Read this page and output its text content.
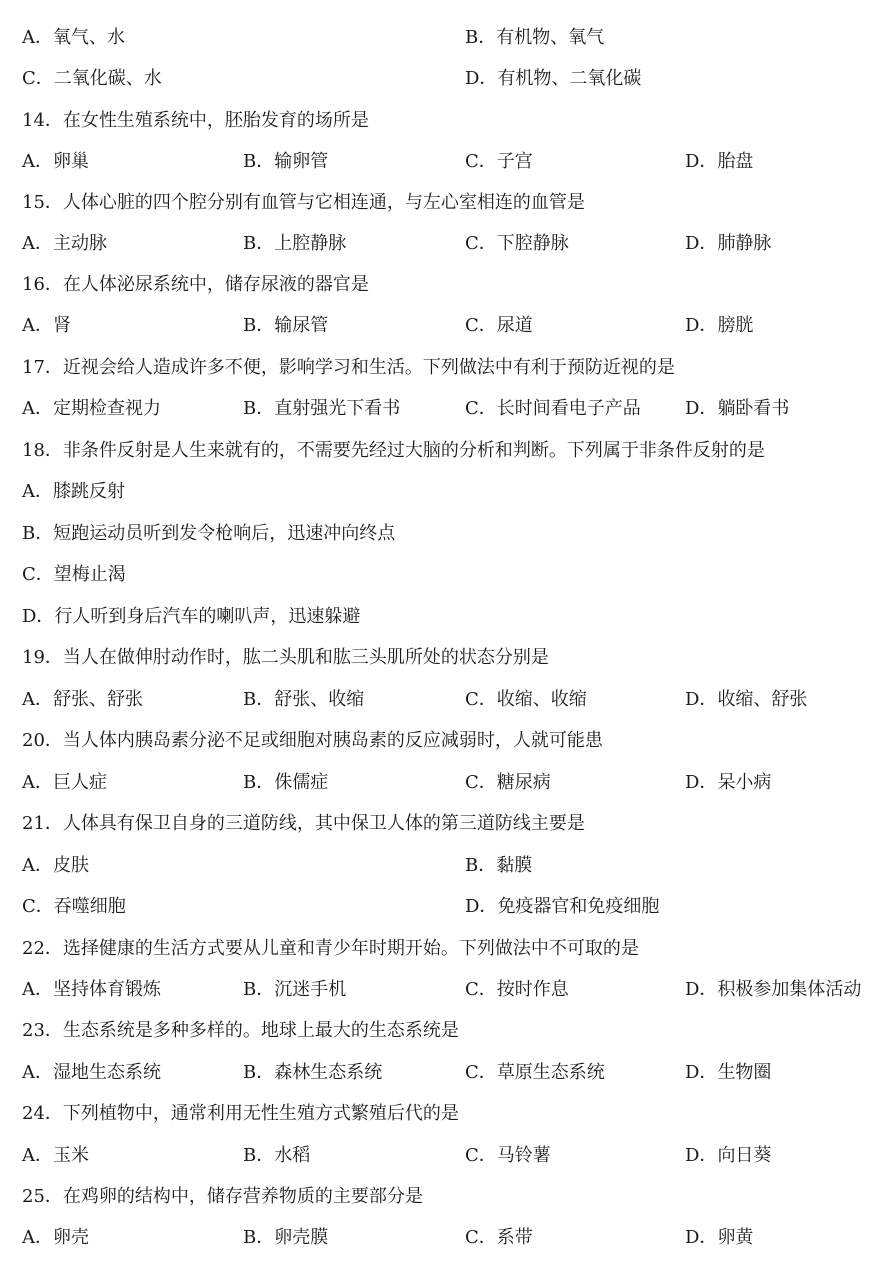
A．氧气、水	B．有机物、氧气
C．二氧化碳、水	D．有机物、二氧化碳
14．在女性生殖系统中，胚胎发育的场所是
A．卵巢	B．输卵管	C．子宫	D．胎盘
15．人体心脏的四个腔分别有血管与它相连通，与左心室相连的血管是
A．主动脉	B．上腔静脉	C．下腔静脉	D．肺静脉
16．在人体泌尿系统中，储存尿液的器官是
A．肾	B．输尿管	C．尿道	D．膀胱
17．近视会给人造成许多不便，影响学习和生活。下列做法中有利于预防近视的是
A．定期检查视力	B．直射强光下看书	C．长时间看电子产品 D．躺卧看书
18．非条件反射是人生来就有的，不需要先经过大脑的分析和判断。下列属于非条件反射的是
A．膝跳反射
B．短跑运动员听到发令枪响后，迅速冲向终点
C．望梅止渴
D．行人听到身后汽车的喇叭声，迅速躲避
19．当人在做伸肘动作时，肱二头肌和肱三头肌所处的状态分别是
A．舒张、舒张	B．舒张、收缩	C．收缩、收缩	D．收缩、舒张
20．当人体内胰岛素分泌不足或细胞对胰岛素的反应减弱时，人就可能患
A．巨人症	B．侏儒症	C．糖尿病	D．呆小病
21．人体具有保卫自身的三道防线，其中保卫人体的第三道防线主要是
A．皮肤	B．黏膜
C．吞噬细胞	D．免疫器官和免疫细胞
22．选择健康的生活方式要从儿童和青少年时期开始。下列做法中不可取的是
A．坚持体育锻炼	B．沉迷手机	C．按时作息	D．积极参加集体活动
23．生态系统是多种多样的。地球上最大的生态系统是
A．湿地生态系统	B．森林生态系统	C．草原生态系统	D．生物圈
24．下列植物中，通常利用无性生殖方式繁殖后代的是
A．玉米	B．水稻	C．马铃薯	D．向日葵
25．在鸡卵的结构中，储存营养物质的主要部分是
A．卵壳	B．卵壳膜	C．系带	D．卵黄
